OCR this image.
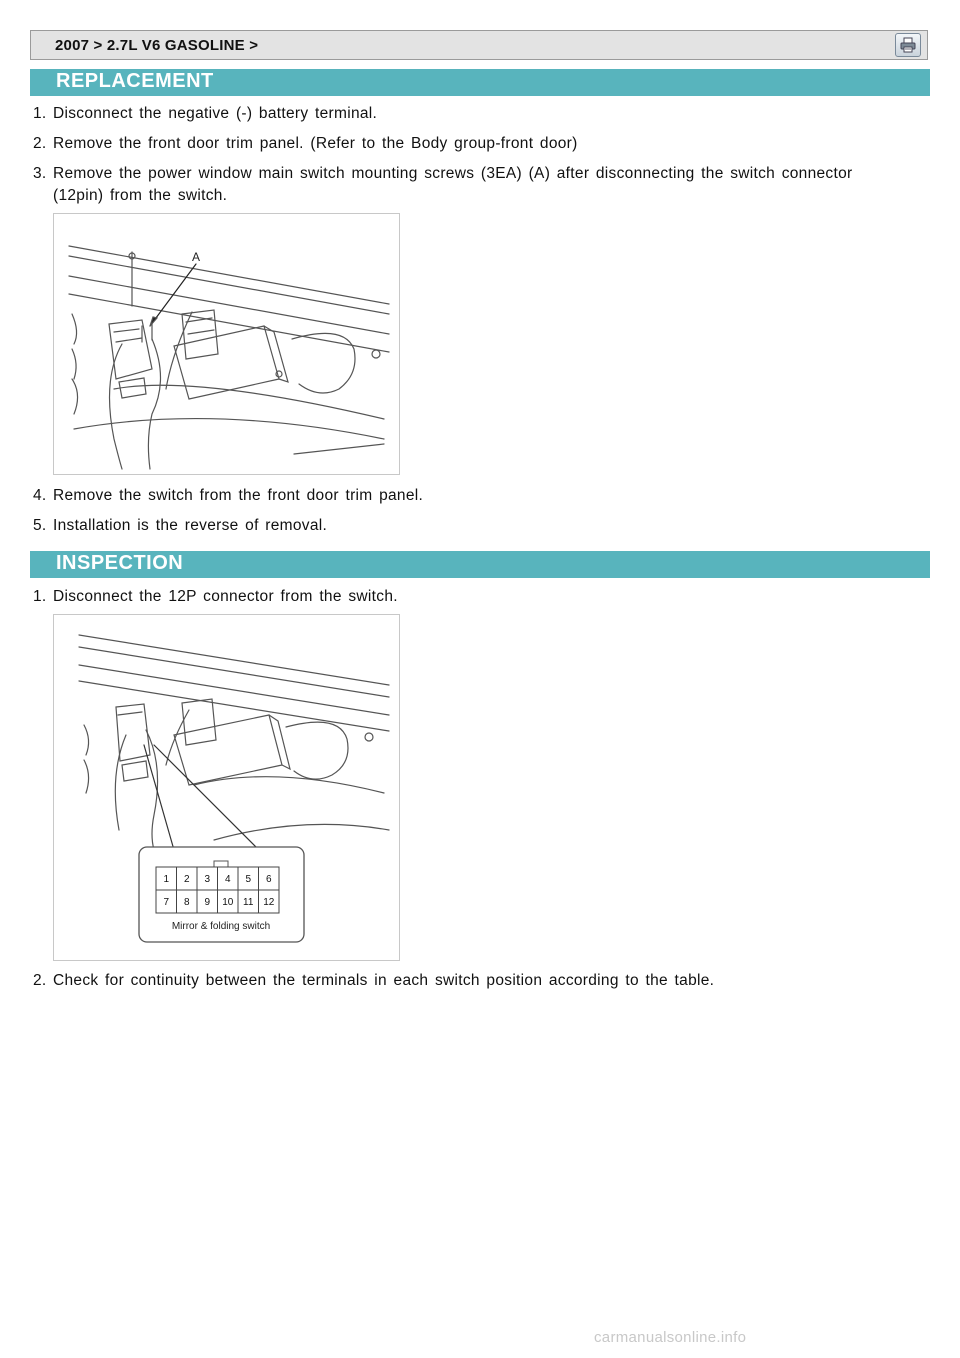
2007 > 2.7L V6 GASOLINE >
REPLACEMENT
1. Disconnect the negative (-) battery terminal.
2. Remove the front door trim panel. (Refer to the Body group-front door)
3. Remove the power window main switch mounting screws (3EA) (A) after disconnecting the switch connector (12pin) from the switch.
A
4. Remove the switch from the front door trim panel.
5. Installation is the reverse of removal.
INSPECTION
1. Disconnect the 12P connector from the switch.
1 2 3 4 5 6
7 8 9 10 11 12
Mirror & folding switch
2. Check for continuity between the terminals in each switch position according to the table.
carmanualsonline.info
